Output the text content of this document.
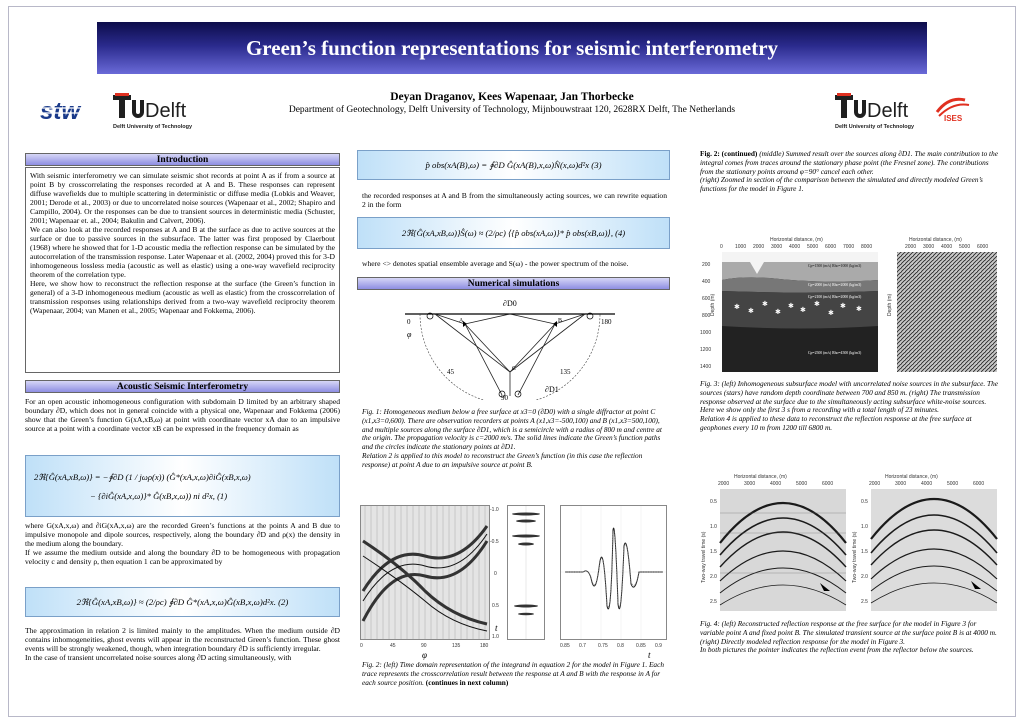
Green’s function representations for seismic interferometry
stw	Delft
Delft University of Technology
Deyan Draganov, Kees Wapenaar, Jan Thorbecke
Department of Geotechnology, Delft University of Technology, Mijnbouwstraat 120, 2628RX Delft, The Netherlands	Delft
Delft University of Technology
ISES
Introduction

With seismic interferometry we can simulate seismic shot records at point A as if from a source at point B by crosscorrelating the responses recorded at A and B. These responses can represent diffuse wavefields due to multiple scattering in deterministic or diffuse media (Lobkis and Weaver, 2001; Derode et al., 2003) or due to uncorrelated noise sources (Wapenaar et al., 2002; Shapiro and Campillo, 2004). Or the responses can be due to transient sources in deterministic media (Schuster, 2001; Wapenaar et. al., 2004; Bakulin and Calvert, 2006).

We can also look at the recorded responses at A and B at the surface as due to active sources at the surface or due to passive sources in the subsurface. The latter was first proposed by Claerbout (1968) where he showed that for 1-D acoustic media the reflection response can be simulated by the autocorrelation of the transmission response. Later Wapenaar et al. (2002, 2004) proved this for 3-D inhomogeneous lossless media (acoustic as well as elastic) using a one-way wavefield reciprocity theorem of the correlation type.

Here, we show how to reconstruct the reflection response at the surface (the Green’s function in general) of a 3-D inhomogeneous medium (acoustic as well as elastic) from the crosscorrelation of transmission responses using relationships derived from a two-way wavefield reciprocity theorem (Wapenaar, 2004; van Manen et al., 2005; Wapenaar and Fokkema, 2006).

Acoustic Seismic Interferometry

For an open acoustic inhomogeneous configuration with subdomain D limited by an arbitrary shaped boundary ∂D, which does not in general coincide with a physical one, Wapenaar and Fokkema (2006) show that the Green’s function G(xA,xB,ω) at point with coordinate vector xA due to an impulsive source at a point with a coordinate vector xB can be expressed in the frequency domain as

2ℜ{Ĝ(xA,xB,ω)} = −∮∂D (1 / jωρ(x)) (Ĝ*(xA,x,ω)∂iĜ(xB,x,ω)
− {∂iĜ(xA,x,ω)}* Ĝ(xB,x,ω)) ni d²x, (1)

where G(xA,x,ω) and ∂iG(xA,x,ω) are the recorded Green’s functions at the points A and B due to impulsive monopole and dipole sources, respectively, along the boundary ∂D and ρ(x) the density in the medium along the boundary.

If we assume the medium outside and along the boundary ∂D to be homogeneous with propagation velocity c and density ρ, then equation 1 can be approximated by

2ℜ{Ĝ(xA,xB,ω)} ≈ (2/ρc) ∮∂D Ĝ*(xA,x,ω)Ĝ(xB,x,ω)d²x. (2)

The approximation in relation 2 is limited mainly to the amplitudes. When the medium outside ∂D contains inhomogeneities, ghost events will appear in the reconstructed Green’s function. These ghost events will be strongly weakened, though, when integration boundary ∂D is sufficiently irregular.

In the case of transient uncorrelated noise sources along ∂D acting simultaneously, with

p̂ obs(xA(B),ω) = ∮∂D Ĝ(xA(B),x,ω)N̂(x,ω)d²x (3)

the recorded responses at A and B from the simultaneously acting sources, we can rewrite equation 2 in the form

2ℜ{Ĝ(xA,xB,ω)}Ŝ(ω) ≈ (2/ρc) ⟨{p̂ obs(xA,ω)}* p̂ obs(xB,ω)⟩, (4)

where <> denotes spatial ensemble average and S(ω) - the power spectrum of the noise.

Numerical simulations
∂D0
∂D1
0	180
45
90
135
φ
A	B
C
Fig. 1: Homogeneous medium below a free surface at x3=0 (∂D0) with a single diffractor at point C (x1,x3=0,600). There are observation recorders at points A (x1,x3=-500,100) and B (x1,x3=500,100), and multiple sources along the surface ∂D1, which is a semicircle with a radius of 800 m and centre at the origin. The propagation velocity is c=2000 m/s. The solid lines indicate the Green’s function paths and the circles indicate the stationary points at ∂D1.
Relation 2 is applied to this model to reconstruct the Green’s function (in this case the reflection response) at point A due to an impulsive source at point B.
0	45	90	135	180
φ
-1.0
-0.5
0
0.5
1.0
t
0.85 0.7 0.75 0.8 0.85 0.9
t
Fig. 2: (left) Time domain representation of the integrand in equation 2 for the model in Figure 1. Each trace represents the crosscorrelation result between the response at A and B with the response in A for each source position. (continues in next column)
Fig. 2: (continued) (middle) Summed result over the sources along ∂D1. The main contribution to the integral comes from traces around the stationary phase point (the Fresnel zone). The contributions from the stationary points around φ=90° cancel each other.
(right) Zoomed in section of the comparison between the simulated and directly modeled Green’s functions for the model in Figure 1.
Horizontal distance, (m)
0 1000 2000 3000 4000 5000 6000 7000 8000
200
400
600
800
1000
1200
1400
Depth (m)	✱ ✱
✱
✱
✱ ✱
✱
✱
✱ ✱
Cp=1500 (m/s) Rho=1000 (kg/m3)
Cp=2000 (m/s) Rho=2000 (kg/m3)
Cp=2100 (m/s) Rho=2000 (kg/m3)
Cp=2500 (m/s) Rho=4500 (kg/m3)
Horizontal distance, (m)
2000 3000 4000 5000 6000
Depth (m)
Fig. 3: (left) Inhomogeneous subsurface model with uncorrelated noise sources in the subsurface. The sources (stars) have random depth coordinate between 700 and 850 m. (right) The transmission response observed at the surface due to the simultaneously acting subsurface white-noise sources. Here we show only the first 3 s from a recording with a total length of 23 minutes.
Relation 4 is applied to these data to reconstruct the reflection response at the free surface at geophones every 10 m from 1200 till 6800 m.
Horizontal distance, (m)
2000	3000	4000	5000	6000
0.5
1.0
1.5
2.0
2.5
Two-way travel time (s)
Horizontal distance, (m)
2000	3000	4000	5000	6000
0.5
1.0
1.5
2.0
2.5
Two-way travel time (s)
Fig. 4: (left) Reconstructed reflection response at the free surface for the model in Figure 3 for variable point A and fixed point B. The simulated transient source at the surface point B is at 4000 m.
(right) Directly modeled reflection response for the model in Figure 3.
In both pictures the pointer indicates the reflection event from the reflector below the sources.
